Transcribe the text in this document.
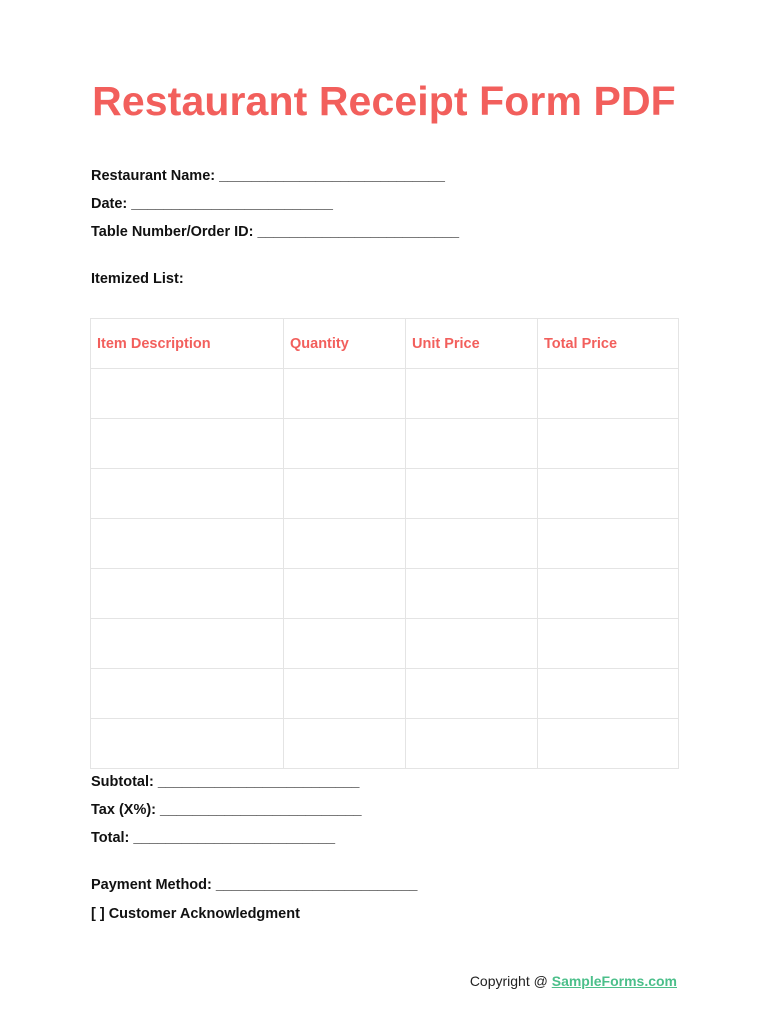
Restaurant Receipt Form PDF
Restaurant Name: ____________________________
Date: _________________________
Table Number/Order ID: _________________________
Itemized List:
Item Description	Quantity	Unit Price	Total Price

Subtotal: _________________________
Tax (X%): _________________________
Total: _________________________
Payment Method: _________________________
[ ] Customer Acknowledgment
Copyright @ SampleForms.com
